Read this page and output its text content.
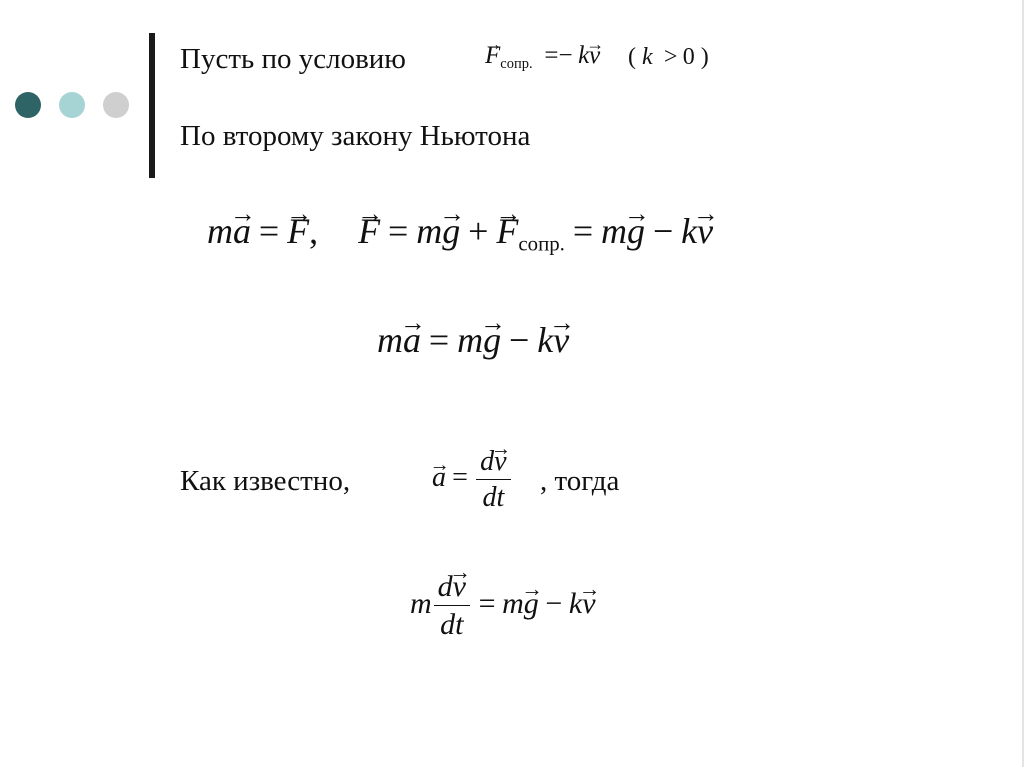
Пусть по условию
→	$F_{сопр.} =- k\to v$ ( k > 0 )
По второму закону Ньютона
m→ a =→ F,  → $F = m\to g +\to F_{сопр.} = m\to g - k\to v$
m→ a = m→ g − k→ v
Как известно,
→	$a = \frac{d\to v}{dt}$ , тогда
m $\frac{d\to v}{dt} = m\to g - k\to v$
